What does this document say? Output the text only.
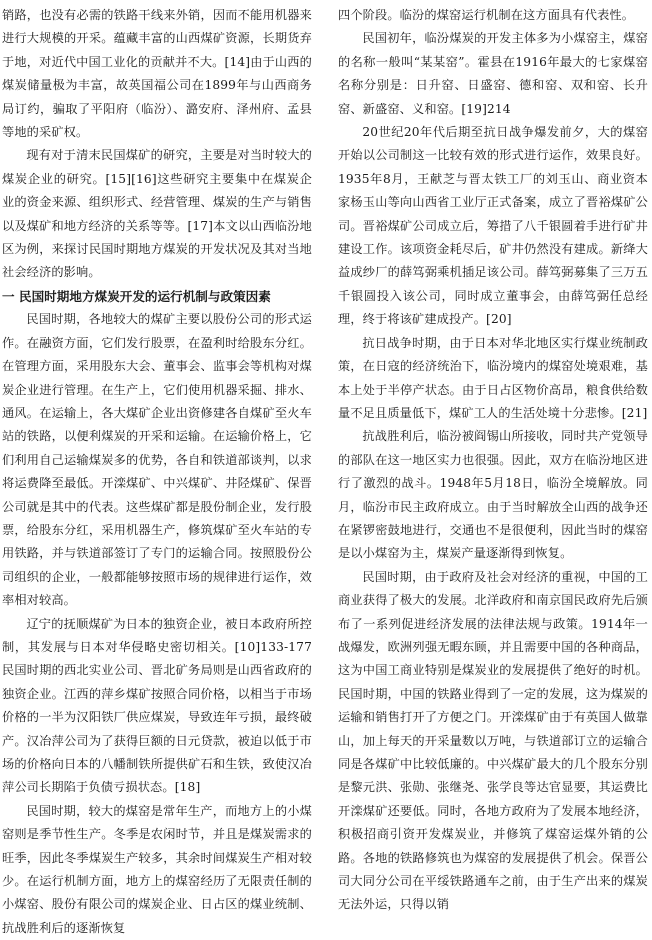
销路，也没有必需的铁路干线来外销，因而不能用机器来进行大规模的开采。蕴藏丰富的山西煤矿资源，长期货弃于地，对近代中国工业化的贡献并不大。[14]由于山西的煤炭储量极为丰富，故英国福公司在1899年与山西商务局订约，骗取了平阳府（临汾）、潞安府、泽州府、孟县等地的采矿权。

现有对于清末民国煤矿的研究，主要是对当时较大的煤炭企业的研究。[15][16]这些研究主要集中在煤炭企业的资金来源、组织形式、经营管理、煤炭的生产与销售以及煤矿和地方经济的关系等等。[17]本文以山西临汾地区为例，来探讨民国时期地方煤炭的开发状况及其对当地社会经济的影响。

一 民国时期地方煤炭开发的运行机制与政策因素

民国时期，各地较大的煤矿主要以股份公司的形式运作。在融资方面，它们发行股票，在盈利时给股东分红。在管理方面，采用股东大会、董事会、监事会等机构对煤炭企业进行管理。在生产上，它们使用机器采掘、排水、通风。在运输上，各大煤矿企业出资修建各自煤矿至火车站的铁路，以便利煤炭的开采和运输。在运输价格上，它们利用自己运输煤炭多的优势，各自和铁道部谈判，以求将运费降至最低。开滦煤矿、中兴煤矿、井陉煤矿、保晋公司就是其中的代表。这些煤矿都是股份制企业，发行股票，给股东分红，采用机器生产，修筑煤矿至火车站的专用铁路，并与铁道部签订了专门的运输合同。按照股份公司组织的企业，一般都能够按照市场的规律进行运作，效率相对较高。

辽宁的抚顺煤矿为日本的独资企业，被日本政府所控制，其发展与日本对华侵略史密切相关。[10]133-177民国时期的西北实业公司、晋北矿务局则是山西省政府的独资企业。江西的萍乡煤矿按照合同价格，以相当于市场价格的一半为汉阳铁厂供应煤炭，导致连年亏损，最终破产。汉冶萍公司为了获得巨额的日元贷款，被迫以低于市场的价格向日本的八幡制铁所提供矿石和生铁，致使汉冶萍公司长期陷于负债亏损状态。[18]

民国时期，较大的煤窑是常年生产，而地方上的小煤窑则是季节性生产。冬季是农闲时节，并且是煤炭需求的旺季，因此冬季煤炭生产较多，其余时间煤炭生产相对较少。在运行机制方面，地方上的煤窑经历了无限责任制的小煤窑、股份有限公司的煤炭企业、日占区的煤业统制、抗战胜利后的逐渐恢复

四个阶段。临汾的煤窑运行机制在这方面具有代表性。

民国初年，临汾煤炭的开发主体多为小煤窑主，煤窑的名称一般叫“某某窑”。霍县在1916年最大的七家煤窑名称分别是：日升窑、日盛窑、德和窑、双和窑、长升窑、新盛窑、义和窑。[19]214

20世纪20年代后期至抗日战争爆发前夕，大的煤窑开始以公司制这一比较有效的形式进行运作，效果良好。1935年8月，王献芝与晋太铁工厂的刘玉山、商业资本家杨玉山等向山西省工业厅正式备案，成立了晋裕煤矿公司。晋裕煤矿公司成立后，筹措了八千银圆着手进行矿井建设工作。该项资金耗尽后，矿井仍然没有建成。新绛大益成纱厂的薛笃弼乘机插足该公司。薛笃弼募集了三万五千银圆投入该公司，同时成立董事会，由薛笃弼任总经理，终于将该矿建成投产。[20]

抗日战争时期，由于日本对华北地区实行煤业统制政策，在日寇的经济统治下，临汾境内的煤窑处境艰难，基本上处于半停产状态。由于日占区物价高昂，粮食供给数量不足且质量低下，煤矿工人的生活处境十分悲惨。[21]

抗战胜利后，临汾被阎锡山所接收，同时共产党领导的部队在这一地区实力也很强。因此，双方在临汾地区进行了激烈的战斗。1948年5月18日，临汾全境解放。同月，临汾市民主政府成立。由于当时解放全山西的战争还在紧锣密鼓地进行，交通也不是很便利，因此当时的煤窑是以小煤窑为主，煤炭产量逐渐得到恢复。

民国时期，由于政府及社会对经济的重视，中国的工商业获得了极大的发展。北洋政府和南京国民政府先后颁布了一系列促进经济发展的法律法规与政策。1914年一战爆发，欧洲列强无暇东顾，并且需要中国的各种商品，这为中国工商业特别是煤炭业的发展提供了绝好的时机。民国时期，中国的铁路业得到了一定的发展，这为煤炭的运输和销售打开了方便之门。开滦煤矿由于有英国人做靠山，加上每天的开采量数以万吨，与铁道部订立的运输合同是各煤矿中比较低廉的。中兴煤矿最大的几个股东分别是黎元洪、张勋、张继尧、张学良等达官显要，其运费比开滦煤矿还要低。同时，各地方政府为了发展本地经济，积极招商引资开发煤炭业，并修筑了煤窑运煤外销的公路。各地的铁路修筑也为煤窑的发展提供了机会。保晋公司大同分公司在平绥铁路通车之前，由于生产出来的煤炭无法外运，只得以销
